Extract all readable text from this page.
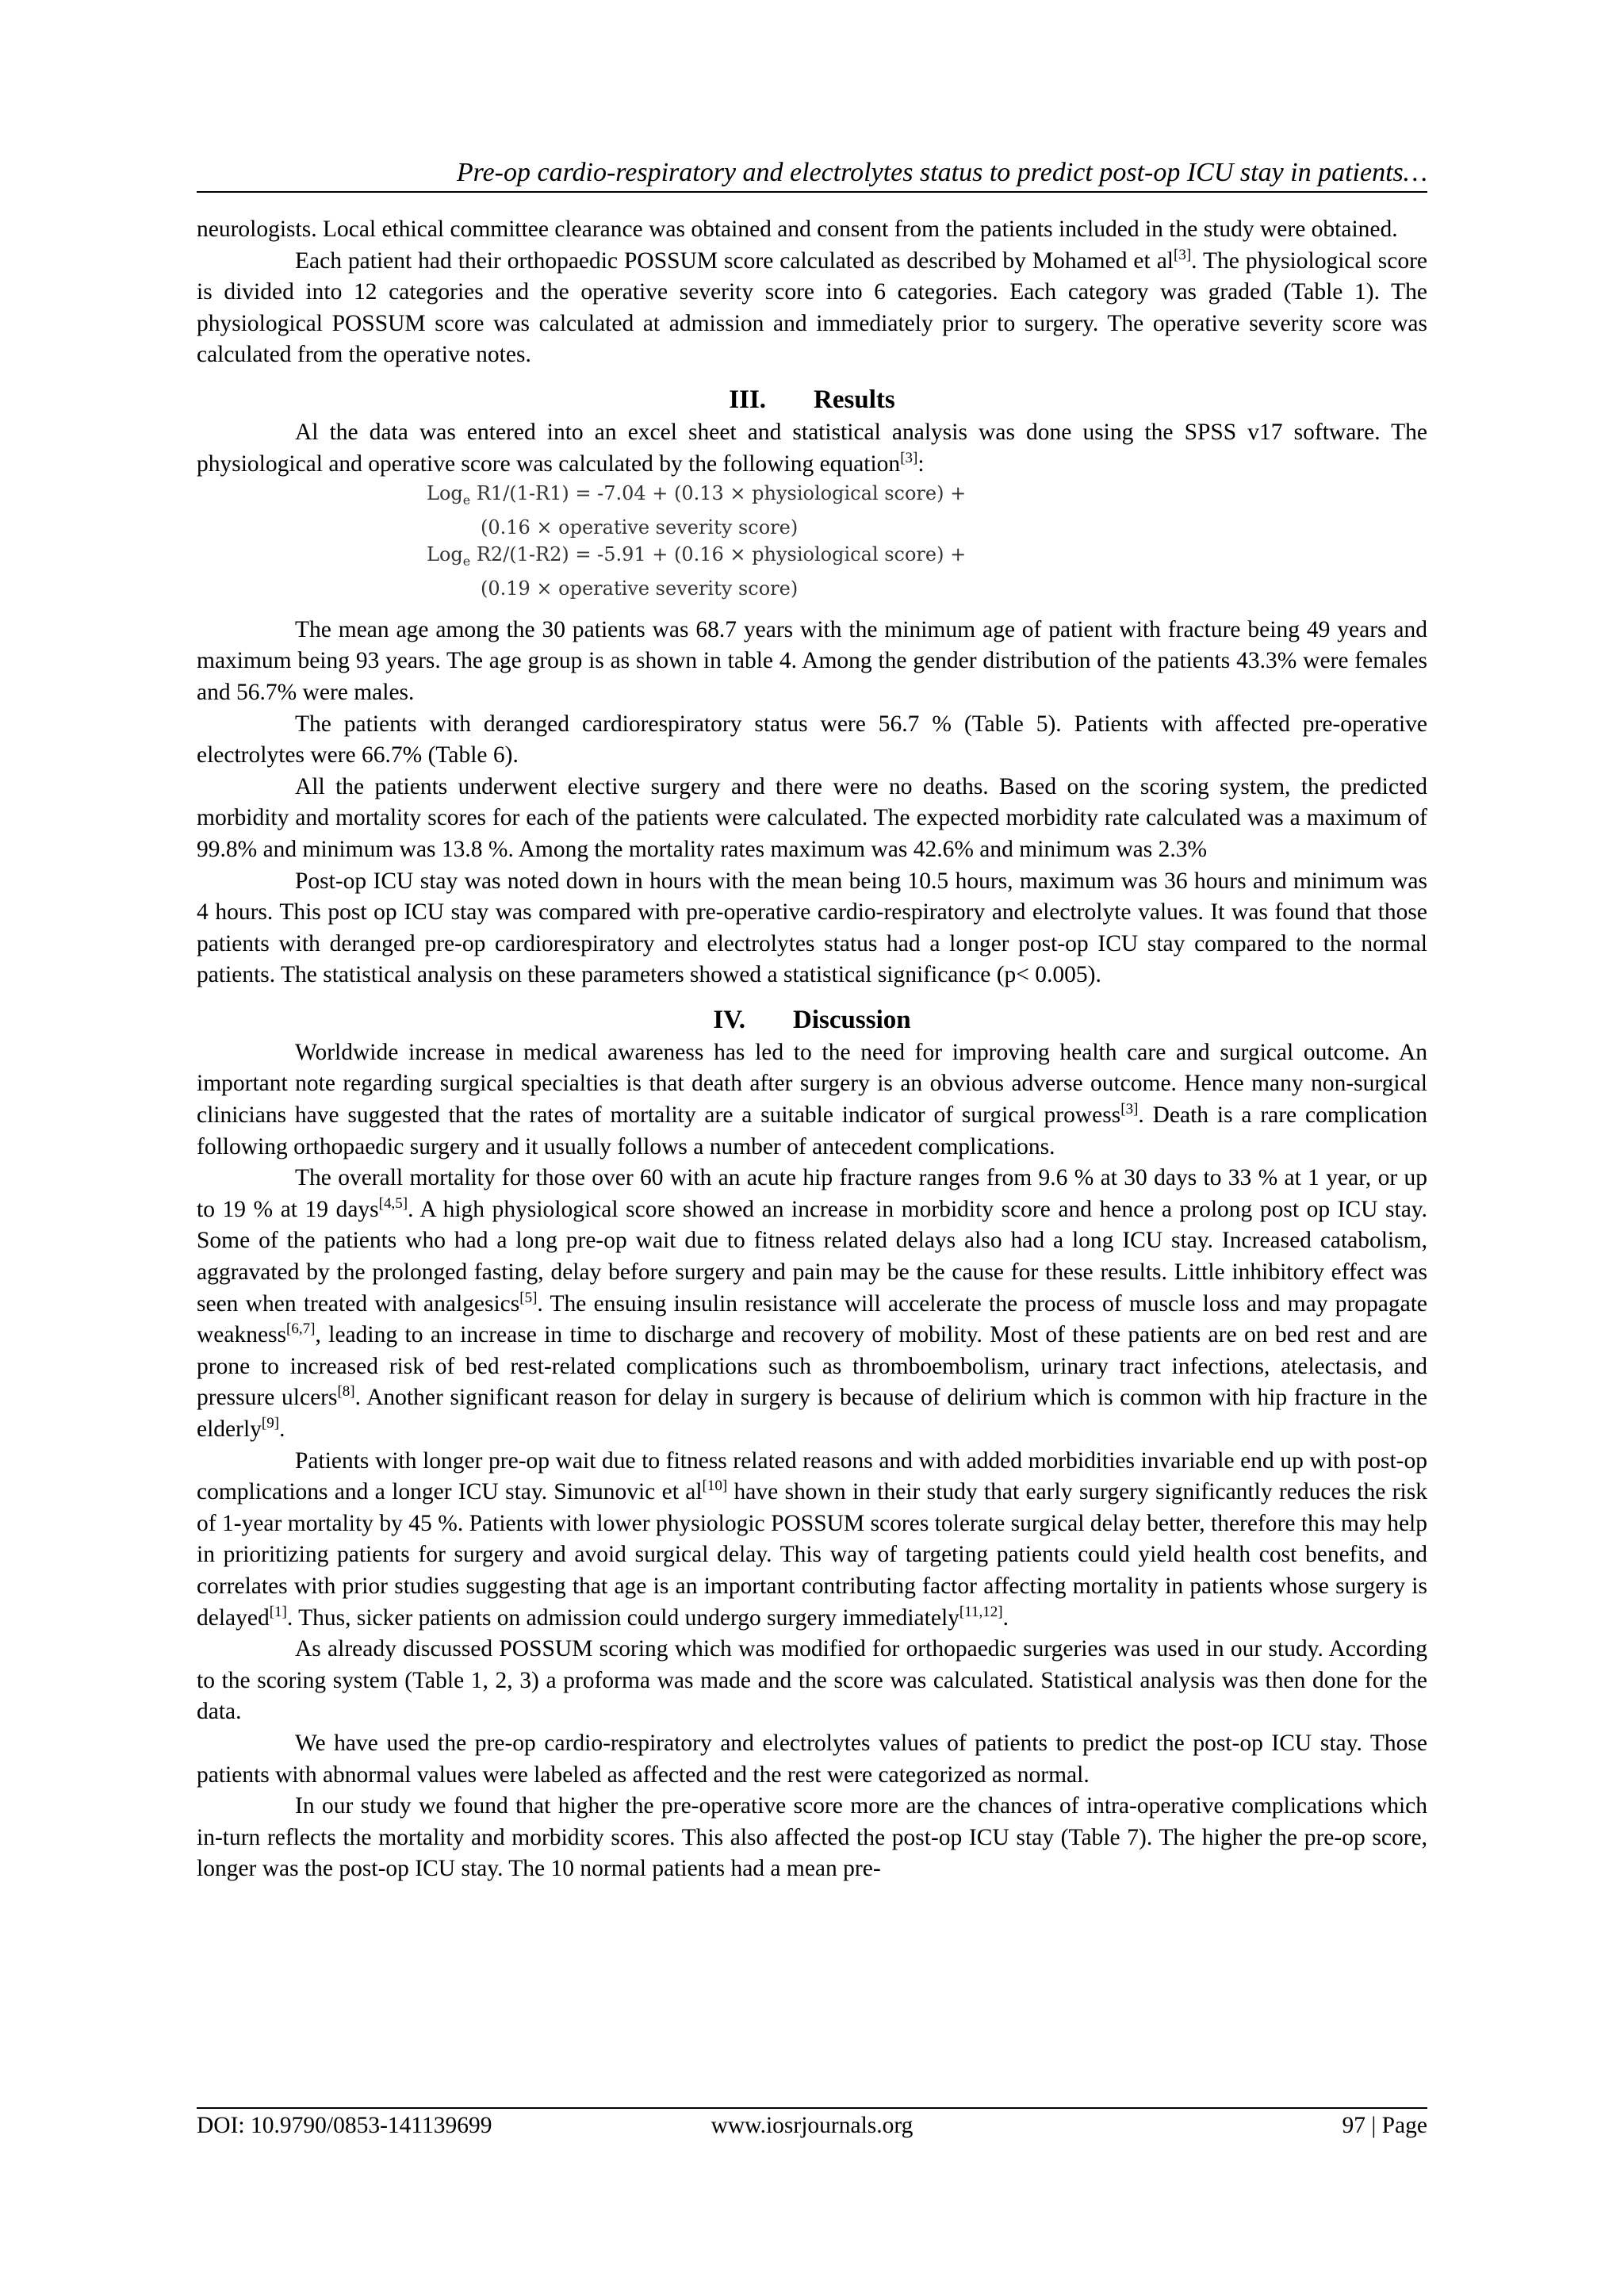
Pre-op cardio-respiratory and electrolytes status to predict post-op ICU stay in patients…

neurologists. Local ethical committee clearance was obtained and consent from the patients included in the study were obtained.

Each patient had their orthopaedic POSSUM score calculated as described by Mohamed et al[3]. The physiological score is divided into 12 categories and the operative severity score into 6 categories. Each category was graded (Table 1). The physiological POSSUM score was calculated at admission and immediately prior to surgery. The operative severity score was calculated from the operative notes.

III. Results

Al the data was entered into an excel sheet and statistical analysis was done using the SPSS v17 software. The physiological and operative score was calculated by the following equation[3]:

Log$_e$ R1/(1-R1) = -7.04 + (0.13 × physiological score) +
(0.16 × operative severity score)
Log$_e$ R2/(1-R2) = -5.91 + (0.16 × physiological score) +
(0.19 × operative severity score)

The mean age among the 30 patients was 68.7 years with the minimum age of patient with fracture being 49 years and maximum being 93 years. The age group is as shown in table 4. Among the gender distribution of the patients 43.3% were females and 56.7% were males.

The patients with deranged cardiorespiratory status were 56.7 % (Table 5). Patients with affected pre-operative electrolytes were 66.7% (Table 6).

All the patients underwent elective surgery and there were no deaths. Based on the scoring system, the predicted morbidity and mortality scores for each of the patients were calculated. The expected morbidity rate calculated was a maximum of 99.8% and minimum was 13.8 %. Among the mortality rates maximum was 42.6% and minimum was 2.3%

Post-op ICU stay was noted down in hours with the mean being 10.5 hours, maximum was 36 hours and minimum was 4 hours. This post op ICU stay was compared with pre-operative cardio-respiratory and electrolyte values. It was found that those patients with deranged pre-op cardiorespiratory and electrolytes status had a longer post-op ICU stay compared to the normal patients. The statistical analysis on these parameters showed a statistical significance (p< 0.005).

IV. Discussion

Worldwide increase in medical awareness has led to the need for improving health care and surgical outcome. An important note regarding surgical specialties is that death after surgery is an obvious adverse outcome. Hence many non-surgical clinicians have suggested that the rates of mortality are a suitable indicator of surgical prowess[3]. Death is a rare complication following orthopaedic surgery and it usually follows a number of antecedent complications.

The overall mortality for those over 60 with an acute hip fracture ranges from 9.6 % at 30 days to 33 % at 1 year, or up to 19 % at 19 days[4,5]. A high physiological score showed an increase in morbidity score and hence a prolong post op ICU stay. Some of the patients who had a long pre-op wait due to fitness related delays also had a long ICU stay. Increased catabolism, aggravated by the prolonged fasting, delay before surgery and pain may be the cause for these results. Little inhibitory effect was seen when treated with analgesics[5]. The ensuing insulin resistance will accelerate the process of muscle loss and may propagate weakness[6,7], leading to an increase in time to discharge and recovery of mobility. Most of these patients are on bed rest and are prone to increased risk of bed rest-related complications such as thromboembolism, urinary tract infections, atelectasis, and pressure ulcers[8]. Another significant reason for delay in surgery is because of delirium which is common with hip fracture in the elderly[9].

Patients with longer pre-op wait due to fitness related reasons and with added morbidities invariable end up with post-op complications and a longer ICU stay. Simunovic et al[10] have shown in their study that early surgery significantly reduces the risk of 1-year mortality by 45 %. Patients with lower physiologic POSSUM scores tolerate surgical delay better, therefore this may help in prioritizing patients for surgery and avoid surgical delay. This way of targeting patients could yield health cost benefits, and correlates with prior studies suggesting that age is an important contributing factor affecting mortality in patients whose surgery is delayed[1]. Thus, sicker patients on admission could undergo surgery immediately[11,12].

As already discussed POSSUM scoring which was modified for orthopaedic surgeries was used in our study. According to the scoring system (Table 1, 2, 3) a proforma was made and the score was calculated. Statistical analysis was then done for the data.

We have used the pre-op cardio-respiratory and electrolytes values of patients to predict the post-op ICU stay. Those patients with abnormal values were labeled as affected and the rest were categorized as normal.

In our study we found that higher the pre-operative score more are the chances of intra-operative complications which in-turn reflects the mortality and morbidity scores. This also affected the post-op ICU stay (Table 7). The higher the pre-op score, longer was the post-op ICU stay. The 10 normal patients had a mean pre-

DOI: 10.9790/0853-141139699	www.iosrjournals.org	97 | Page
